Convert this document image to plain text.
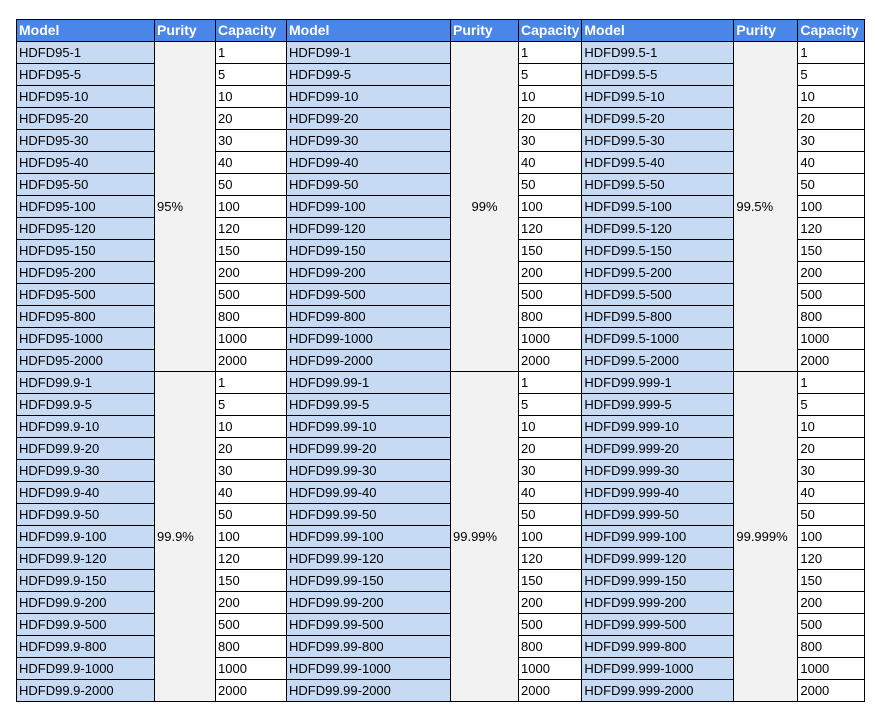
Model	Purity	Capacity	Model	Purity	Capacity	Model	Purity	Capacity
HDFD95-1	95%	1	HDFD99-1	99%	1	HDFD99.5-1	99.5%	1
HDFD95-5		5	HDFD99-5		5	HDFD99.5-5		5
HDFD95-10		10	HDFD99-10		10	HDFD99.5-10		10
HDFD95-20		20	HDFD99-20		20	HDFD99.5-20		20
HDFD95-30		30	HDFD99-30		30	HDFD99.5-30		30
HDFD95-40		40	HDFD99-40		40	HDFD99.5-40		40
HDFD95-50		50	HDFD99-50		50	HDFD99.5-50		50
HDFD95-100		100	HDFD99-100		100	HDFD99.5-100		100
HDFD95-120		120	HDFD99-120		120	HDFD99.5-120		120
HDFD95-150		150	HDFD99-150		150	HDFD99.5-150		150
HDFD95-200		200	HDFD99-200		200	HDFD99.5-200		200
HDFD95-500		500	HDFD99-500		500	HDFD99.5-500		500
HDFD95-800		800	HDFD99-800		800	HDFD99.5-800		800
HDFD95-1000		1000	HDFD99-1000		1000	HDFD99.5-1000		1000
HDFD95-2000		2000	HDFD99-2000		2000	HDFD99.5-2000		2000
HDFD99.9-1	99.9%	1	HDFD99.99-1	99.99%	1	HDFD99.999-1	99.999%	1
HDFD99.9-5		5	HDFD99.99-5		5	HDFD99.999-5		5
HDFD99.9-10		10	HDFD99.99-10		10	HDFD99.999-10		10
HDFD99.9-20		20	HDFD99.99-20		20	HDFD99.999-20		20
HDFD99.9-30		30	HDFD99.99-30		30	HDFD99.999-30		30
HDFD99.9-40		40	HDFD99.99-40		40	HDFD99.999-40		40
HDFD99.9-50		50	HDFD99.99-50		50	HDFD99.999-50		50
HDFD99.9-100		100	HDFD99.99-100		100	HDFD99.999-100		100
HDFD99.9-120		120	HDFD99.99-120		120	HDFD99.999-120		120
HDFD99.9-150		150	HDFD99.99-150		150	HDFD99.999-150		150
HDFD99.9-200		200	HDFD99.99-200		200	HDFD99.999-200		200
HDFD99.9-500		500	HDFD99.99-500		500	HDFD99.999-500		500
HDFD99.9-800		800	HDFD99.99-800		800	HDFD99.999-800		800
HDFD99.9-1000		1000	HDFD99.99-1000		1000	HDFD99.999-1000		1000
HDFD99.9-2000		2000	HDFD99.99-2000		2000	HDFD99.999-2000		2000
